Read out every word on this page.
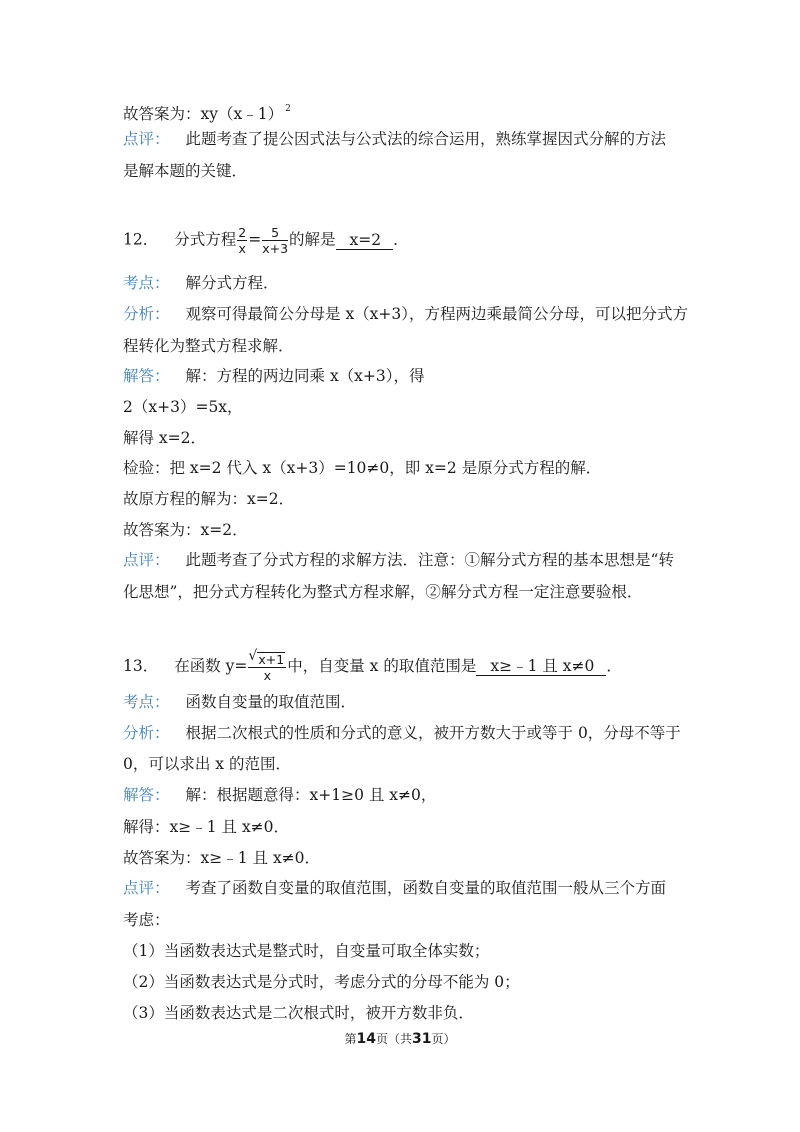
故答案为：xy（x﹣1） $^2$
点评： 此题考查了提公因式法与公式法的综合运用，熟练掌握因式分解的方法
是解本题的关键．
12． 分式方程 $\frac{2}{x} = \frac{5}{x+3}$ 的解是 x=2 ．
考点： 解分式方程．
分析： 观察可得最简公分母是 x（x+3），方程两边乘最简公分母，可以把分式方
程转化为整式方程求解．
解答： 解：方程的两边同乘 x（x+3），得
2（x+3）=5x，
解得 x=2．
检验：把 x=2 代入 x（x+3）=10≠0，即 x=2 是原分式方程的解．
故原方程的解为：x=2．
故答案为：x=2．
点评： 此题考查了分式方程的求解方法．注意：①解分式方程的基本思想是“转
化思想”，把分式方程转化为整式方程求解，②解分式方程一定注意要验根．
13． 在函数 y=
√ $\frac{x+1}{x}$ 中，自变量 x 的取值范围是 x≥﹣1 且 x≠0 ．
考点： 函数自变量的取值范围．
分析： 根据二次根式的性质和分式的意义，被开方数大于或等于 0，分母不等于
0，可以求出 x 的范围．
解答： 解：根据题意得：x+1≥0 且 x≠0，
解得：x≥﹣1 且 x≠0．
故答案为：x≥﹣1 且 x≠0．
点评： 考查了函数自变量的取值范围，函数自变量的取值范围一般从三个方面
考虑：
（1）当函数表达式是整式时，自变量可取全体实数；
（2）当函数表达式是分式时，考虑分式的分母不能为 0；
（3）当函数表达式是二次根式时，被开方数非负．
第14页（共31页）
